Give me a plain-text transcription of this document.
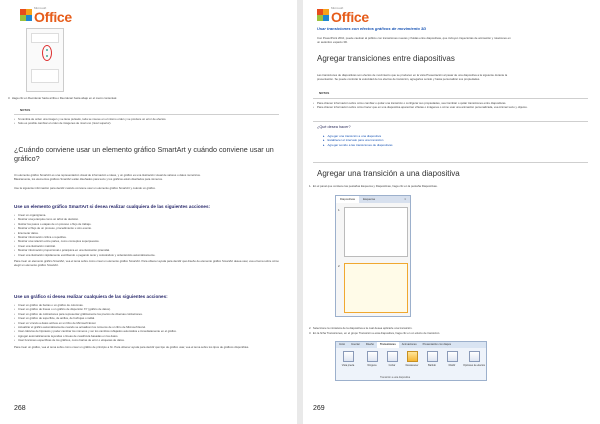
Microsoft
Office
3.  Haga clic en Reordenar hacia arriba o Reordenar hacia abajo en el menú contextual.
NOTAS
• Si cambia de orden una imagen y se tiene pulsado, toda se mueve en el mismo orden y se produce un error de efectos.
• Solo es posible cambiar el orden de imágenes de nivel uno (nivel superior).
¿Cuándo conviene usar un elemento gráfico SmartArt y cuándo conviene usar un gráfico?
Un elemento gráfico SmartArt es una representación visual de información e ideas, y un gráfico es una ilustración visual de valores o datos numéricos.
Básicamente, los elementos gráficos SmartArt están diseñados para texto y los gráficos están diseñados para números.
Use la siguiente información para decidir cuándo conviene usar un elemento gráfico SmartArt y cuándo un gráfico.
Use un elemento gráfico SmartArt si desea realizar cualquiera de las siguientes acciones:
• Crear un organigrama.
• Mostrar una jerarquía como un árbol de decisión.
• Ilustrar los pasos o etapas de un proceso o flujo de trabajo.
• Mostrar el flujo de un proceso, procedimiento u otro evento.
• Enumerar datos.
• Mostrar información cíclica o repetitiva.
• Mostrar una relación entre partes, como conceptos superpuestos.
• Crear una ilustración matricial.
• Mostrar información proporcional o jerárquica en una ilustración piramidal.
• Crear una ilustración rápidamente escribiendo o pegando texto y colocándolo y ordenándolo automáticamente.
Para crear un elemento gráfico SmartArt, vea el tema sobre cómo crear un elemento gráfico SmartArt. Para obtener ayuda para decidir qué diseño de elemento gráfico SmartArt desea usar, vea el tema sobre cómo elegir un elemento gráfico SmartArt.
Use un gráfico si desea realizar cualquiera de las siguientes acciones:
• Crear un gráfico de barras o un gráfico de columnas.
• Crear un gráfico de líneas o un gráfico de dispersión XY (gráfico de datos).
• Crear un gráfico de cotizaciones para representar gráficamente los precios de diversas cotizaciones.
• Crear un gráfico de superficie, de anillos, de burbujas o radial.
• Crear un vínculo a datos activos en un libro de Microsoft Excel.
• Actualizar el gráfico automáticamente cuando se actualicen los números de un libro de Microsoft Excel.
• Usar cálculos de hipótesis y poder cambiar los números y ver los cambios reflejados automática e inmediatamente en el gráfico.
• Agregar automáticamente leyendas o líneas de cuadrícula basadas en los datos.
• Usar funciones específicas de los gráficos, como barras de error o etiquetas de datos.
Para crear un gráfico, vea el tema sobre cómo crear un gráfico de principio a fin. Para obtener ayuda para decidir qué tipo de gráfico usar, vea el tema sobre los tipos de gráficos disponibles.
268
Microsoft
Office
Usar transiciones con efectos gráficos de movimiento 3D
Con PowerPoint 2010, puede cautivar al público con transiciones nuevas y fluidas entre diapositivas, que incluyen trayectorias de animación y rotaciones en
un auténtico espacio 3D.
Agregar transiciones entre diapositivas
Las transiciones de diapositivas son efectos de movimiento que se producen en la vista Presentación al pasar de una diapositiva a la siguiente durante la
presentación. Se puede controlar la velocidad de los efectos de transición, agregarles sonido y hasta personalizar sus propiedades.
NOTAS
• Para obtener información sobre cómo cambiar o quitar una transición o configurar sus propiedades, vea Cambiar o quitar transiciones entre diapositivas.
• Para obtener información sobre cómo hacer que en una diapositiva aparezcan viñetas o imágenes o cómo usar una animación personalizada, vea Animar texto y objetos.
¿Qué desea hacer?
▸ Agregar una transición a una diapositiva
▸ Establecer el intervalo para una transición
▸ Agregar sonido a las transiciones de diapositivas
Agregar una transición a una diapositiva
1.  En el panel que contiene las pestañas Esquema y Diapositivas, haga clic en la pestaña Diapositivas.
Diapositivas	Esquema	×
1
2
2.  Seleccione la miniatura de la diapositiva a la cual desea aplicarle una transición.
3.  En la ficha Transiciones, en el grupo Transición a esta diapositiva, haga clic en un efecto de transición.
Inicio	Insertar	Diseño	Transiciones	Animaciones	Presentación con diapos
Vista previa	Ninguna	Cortar	Desvanecer	Barrido	Dividir	Opciones de efectos
Transición a esta diapositiva
269
